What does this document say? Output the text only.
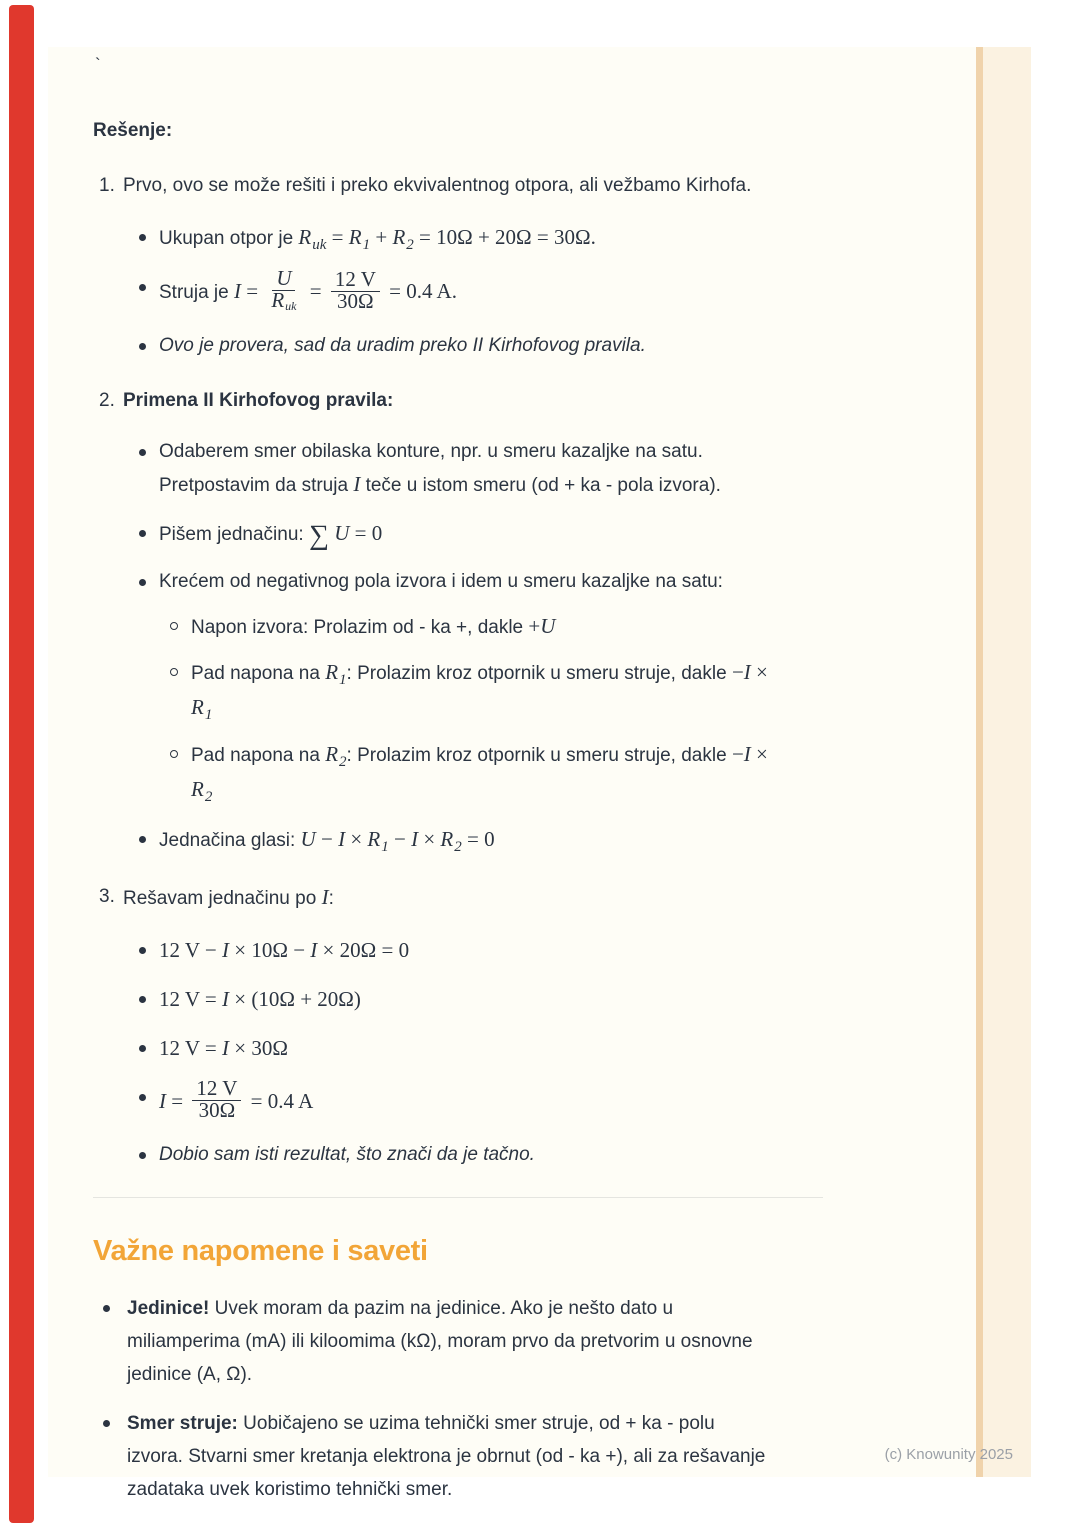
`
Rešenje:
1. Prvo, ovo se može rešiti i preko ekvivalentnog otpora, ali vežbamo Kirhofa.
Ukupan otpor je $R_{uk} = R_1 + R_2 = 10\Omega + 20\Omega = 30\Omega$.
Struja je $I = \frac{U}{\text{Ruk}} = \frac{12 V}{30\Omega} = 0.4$ A.
Ovo je provera, sad da uradim preko II Kirhofovog pravila.
2. Primena II Kirhofovog pravila:
Odaberem smer obilaska konture, npr. u smeru kazaljke na satu.
Pretpostavim da struja I teče u istom smeru (od + ka - pola izvora).
Pišem jednačinu: ∑ U = 0
Krećem od negativnog pola izvora i idem u smeru kazaljke na satu:
Napon izvora: Prolazim od - ka +, dakle +U
Pad napona na $R_1$: Prolazim kroz otpornik u smeru struje, dakle −I ×
$R_1$
Pad napona na $R_2$: Prolazim kroz otpornik u smeru struje, dakle −I ×
$R_2$
Jednačina glasi: $U - I \times R_1 - I \times R_2 = 0$
3. Rešavam jednačinu po I:
12 V − I × 10Ω − I × 20Ω = 0
12 V = I × (10Ω + 20Ω)
12 V = I × 30Ω
$I = \frac{12 V}{30\Omega} = 0.4$ A
Dobio sam isti rezultat, što znači da je tačno.
Važne napomene i saveti
Jedinice! Uvek moram da pazim na jedinice. Ako je nešto dato u
miliamperima (mA) ili kiloomima (kΩ), moram prvo da pretvorim u osnovne
jedinice (A, Ω).
Smer struje: Uobičajeno se uzima tehnički smer struje, od + ka - polu
izvora. Stvarni smer kretanja elektrona je obrnut (od - ka +), ali za rešavanje
zadataka uvek koristimo tehnički smer.
(c) Knowunity 2025
